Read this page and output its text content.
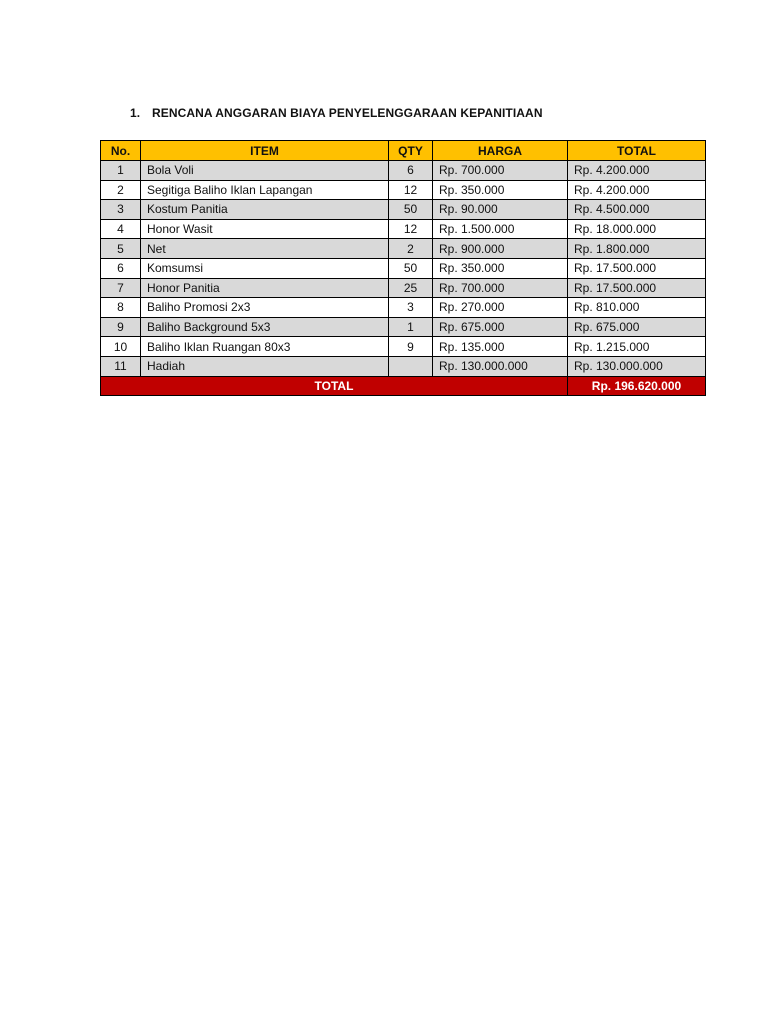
1. RENCANA ANGGARAN BIAYA PENYELENGGARAAN KEPANITIAAN
No.	ITEM	QTY	HARGA	TOTAL
1	Bola Voli	6	Rp. 700.000	Rp. 4.200.000
2	Segitiga Baliho Iklan Lapangan	12	Rp. 350.000	Rp. 4.200.000
3	Kostum Panitia	50	Rp. 90.000	Rp. 4.500.000
4	Honor Wasit	12	Rp. 1.500.000	Rp. 18.000.000
5	Net	2	Rp. 900.000	Rp. 1.800.000
6	Komsumsi	50	Rp. 350.000	Rp. 17.500.000
7	Honor Panitia	25	Rp. 700.000	Rp. 17.500.000
8	Baliho Promosi 2x3	3	Rp. 270.000	Rp. 810.000
9	Baliho Background 5x3	1	Rp. 675.000	Rp. 675.000
10	Baliho Iklan Ruangan 80x3	9	Rp. 135.000	Rp. 1.215.000
11	Hadiah		Rp. 130.000.000	Rp. 130.000.000
TOTAL				Rp. 196.620.000
